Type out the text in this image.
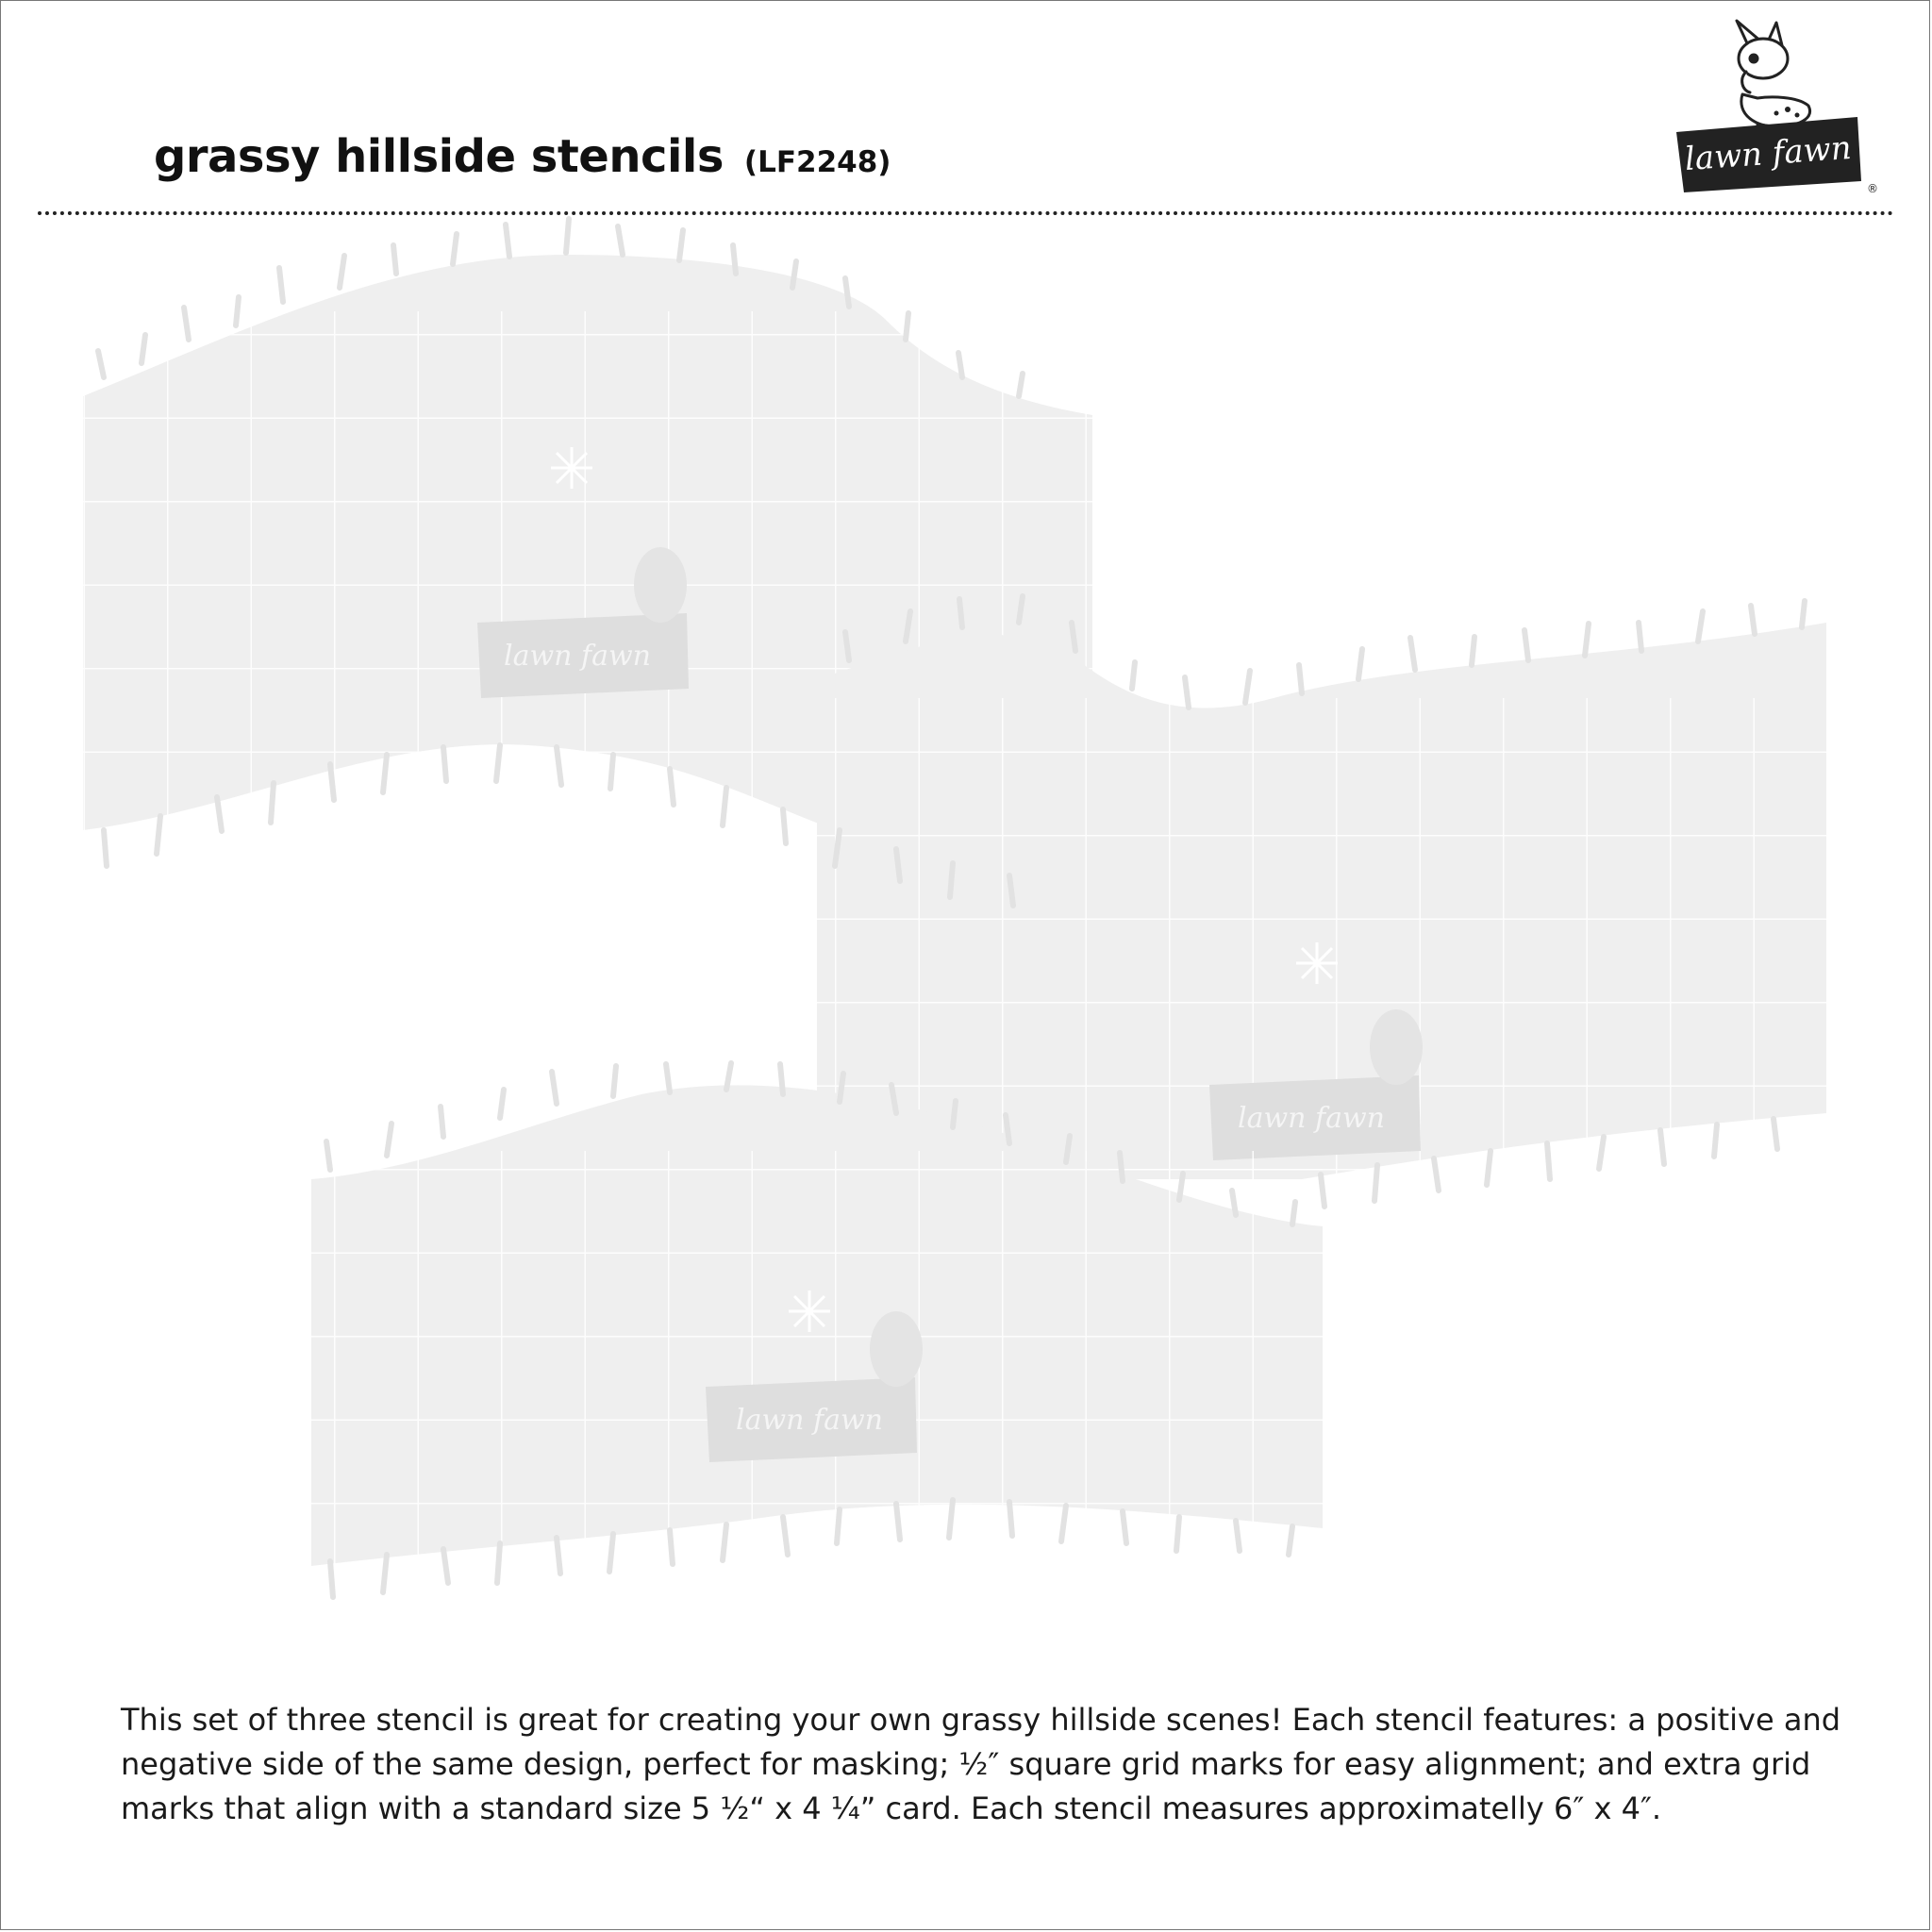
grassy hillside stencils (LF2248)	lawn fawn
®
lawn fawn
lawn fawn
lawn fawn

This set of three stencil is great for creating your own grassy hillside scenes! Each stencil features: a positive and negative side of the same design, perfect for masking; ½″ square grid marks for easy alignment; and extra grid marks that align with a standard size 5 ½“ x 4 ¼” card. Each stencil measures approximatelly 6″ x 4″.
